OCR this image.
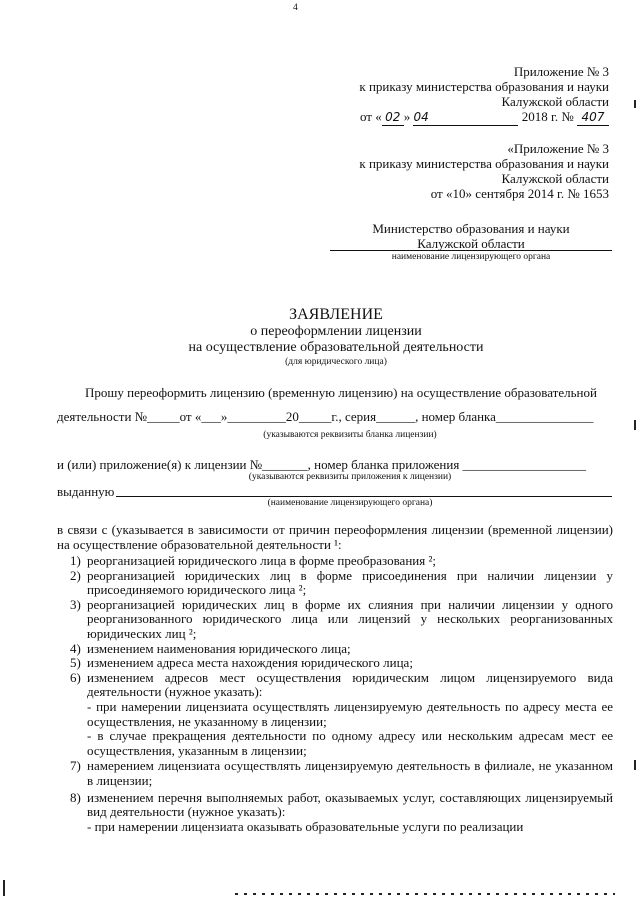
4
Приложение № 3
к приказу министерства образования и науки
Калужской области
от « 02 » 04	2018 г. № 407
«Приложение № 3
к приказу министерства образования и науки
Калужской области
от «10» сентября 2014 г. № 1653
Министерство образования и науки
Калужской области
наименование лицензирующего органа
ЗАЯВЛЕНИЕ
о переоформлении лицензии
на осуществление образовательной деятельности
(для юридического лица)
Прошу переоформить лицензию (временную лицензию) на осуществление образовательной
деятельности №_____от «___»_________20_____г., серия______, номер бланка_______________
(указываются реквизиты бланка лицензии)
и (или) приложение(я) к лицензии №_______, номер бланка приложения ___________________
(указываются реквизиты приложения к лицензии)
выданную
(наименование лицензирующего органа)
в связи с (указывается в зависимости от причин переоформления лицензии (временной лицензии) на осуществление образовательной деятельности ¹:
1) реорганизацией юридического лица в форме преобразования ²;
2) реорганизацией юридических лиц в форме присоединения при наличии лицензии у присоединяемого юридического лица ²;
3) реорганизацией юридических лиц в форме их слияния при наличии лицензии у одного реорганизованного юридического лица или лицензий у нескольких реорганизованных юридических лиц ²;
4) изменением наименования юридического лица;
5) изменением адреса места нахождения юридического лица;
6) изменением адресов мест осуществления юридическим лицом лицензируемого вида деятельности (нужное указать):
- при намерении лицензиата осуществлять лицензируемую деятельность по адресу места ее осуществления, не указанному в лицензии;
- в случае прекращения деятельности по одному адресу или нескольким адресам мест ее осуществления, указанным в лицензии;
7) намерением лицензиата осуществлять лицензируемую деятельность в филиале, не указанном в лицензии;
8) изменением перечня выполняемых работ, оказываемых услуг, составляющих лицензируемый вид деятельности (нужное указать):
- при намерении лицензиата оказывать образовательные услуги по реализации
